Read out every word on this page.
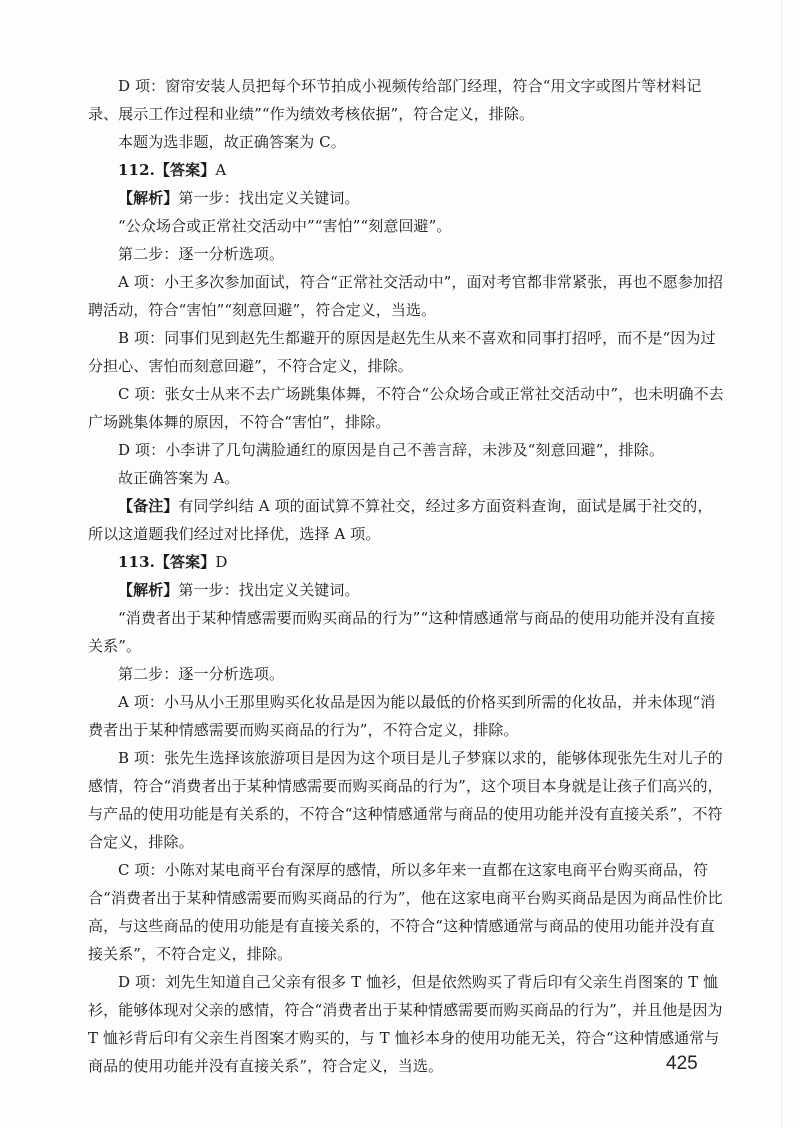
D 项：窗帘安装人员把每个环节拍成小视频传给部门经理，符合“用文字或图片等材料记录、展示工作过程和业绩”“作为绩效考核依据”，符合定义，排除。

本题为选非题，故正确答案为 C。

112.【答案】A

【解析】第一步：找出定义关键词。

“公众场合或正常社交活动中”“害怕”“刻意回避”。

第二步：逐一分析选项。

A 项：小王多次参加面试，符合“正常社交活动中”，面对考官都非常紧张，再也不愿参加招聘活动，符合“害怕”“刻意回避”，符合定义，当选。

B 项：同事们见到赵先生都避开的原因是赵先生从来不喜欢和同事打招呼，而不是“因为过分担心、害怕而刻意回避”，不符合定义，排除。

C 项：张女士从来不去广场跳集体舞，不符合“公众场合或正常社交活动中”，也未明确不去广场跳集体舞的原因，不符合“害怕”，排除。

D 项：小李讲了几句满脸通红的原因是自己不善言辞，未涉及“刻意回避”，排除。

故正确答案为 A。

【备注】有同学纠结 A 项的面试算不算社交，经过多方面资料查询，面试是属于社交的，所以这道题我们经过对比择优，选择 A 项。

113.【答案】D

【解析】第一步：找出定义关键词。

“消费者出于某种情感需要而购买商品的行为”“这种情感通常与商品的使用功能并没有直接关系”。

第二步：逐一分析选项。

A 项：小马从小王那里购买化妆品是因为能以最低的价格买到所需的化妆品，并未体现“消费者出于某种情感需要而购买商品的行为”，不符合定义，排除。

B 项：张先生选择该旅游项目是因为这个项目是儿子梦寐以求的，能够体现张先生对儿子的感情，符合“消费者出于某种情感需要而购买商品的行为”，这个项目本身就是让孩子们高兴的，与产品的使用功能是有关系的，不符合“这种情感通常与商品的使用功能并没有直接关系”，不符合定义，排除。

C 项：小陈对某电商平台有深厚的感情，所以多年来一直都在这家电商平台购买商品，符合“消费者出于某种情感需要而购买商品的行为”，他在这家电商平台购买商品是因为商品性价比高，与这些商品的使用功能是有直接关系的，不符合“这种情感通常与商品的使用功能并没有直接关系”，不符合定义，排除。

D 项：刘先生知道自己父亲有很多 T 恤衫，但是依然购买了背后印有父亲生肖图案的 T 恤衫，能够体现对父亲的感情，符合“消费者出于某种情感需要而购买商品的行为”，并且他是因为 T 恤衫背后印有父亲生肖图案才购买的，与 T 恤衫本身的使用功能无关，符合“这种情感通常与商品的使用功能并没有直接关系”，符合定义，当选。	425
